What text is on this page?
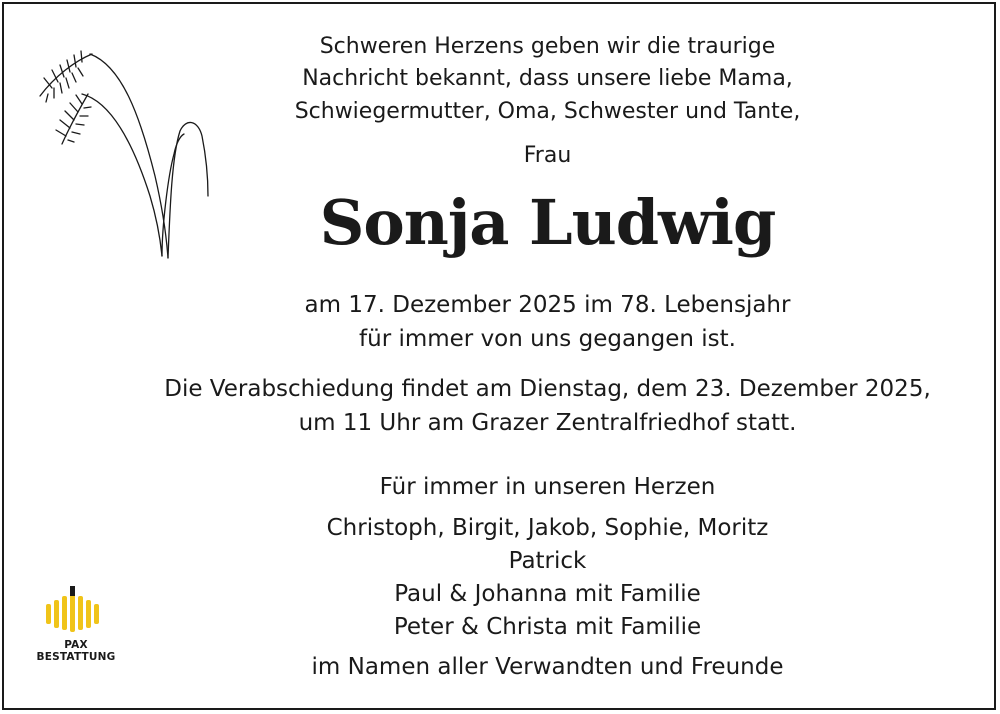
Schweren Herzens geben wir die traurige
Nachricht bekannt, dass unsere liebe Mama,
Schwiegermutter, Oma, Schwester und Tante,
Frau
Sonja Ludwig
am 17. Dezember 2025 im 78. Lebensjahr
für immer von uns gegangen ist.
Die Verabschiedung findet am Dienstag, dem 23. Dezember 2025,
um 11 Uhr am Grazer Zentralfriedhof statt.
Für immer in unseren Herzen
Christoph, Birgit, Jakob, Sophie, Moritz
Patrick
Paul & Johanna mit Familie
Peter & Christa mit Familie
im Namen aller Verwandten und Freunde
PAX
BESTATTUNG
